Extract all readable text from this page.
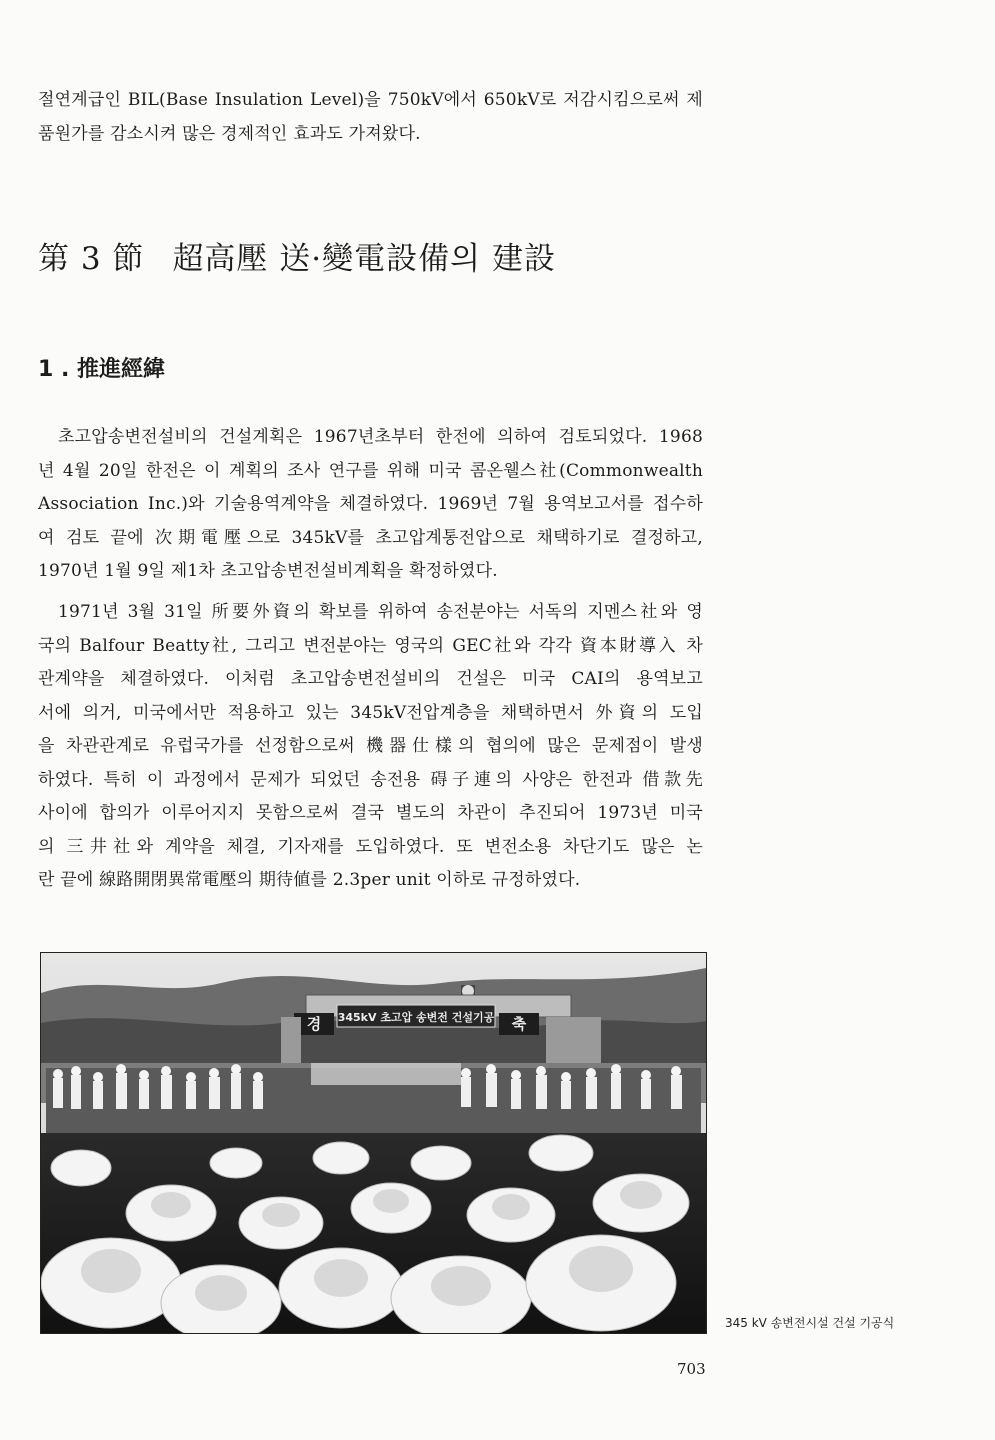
절연계급인 BIL(Base Insulation Level)을 750kV에서 650kV로 저감시킴으로써 제
품원가를 감소시켜 많은 경제적인 효과도 가져왔다.
第 3 節 超高壓 送·變電設備의 建設
1 . 推進經緯
초고압송변전설비의 건설계획은 1967년초부터 한전에 의하여 검토되었다. 1968
년 4월 20일 한전은 이 계획의 조사 연구를 위해 미국 콤온웰스社(Commonwealth
Association Inc.)와 기술용역계약을 체결하였다. 1969년 7월 용역보고서를 접수하
여 검토 끝에 次期電壓으로 345kV를 초고압계통전압으로 채택하기로 결정하고,
1970년 1월 9일 제1차 초고압송변전설비계획을 확정하였다.
1971년 3월 31일 所要外資의 확보를 위하여 송전분야는 서독의 지멘스社와 영
국의 Balfour Beatty社, 그리고 변전분야는 영국의 GEC社와 각각 資本財導入 차
관계약을 체결하였다. 이처럼 초고압송변전설비의 건설은 미국 CAI의 용역보고
서에 의거, 미국에서만 적용하고 있는 345kV전압계층을 채택하면서 外資의 도입
을 차관관계로 유럽국가를 선정함으로써 機器仕樣의 협의에 많은 문제점이 발생
하였다. 특히 이 과정에서 문제가 되었던 송전용 碍子連의 사양은 한전과 借款先
사이에 합의가 이루어지지 못함으로써 결국 별도의 차관이 추진되어 1973년 미국
의 三井社와 계약을 체결, 기자재를 도입하였다. 또 변전소용 차단기도 많은 논
란 끝에 線路開閉異常電壓의 期待値를 2.3per unit 이하로 규정하였다.
경 345kV 초고압 송변전 건설기공 축
345 kV 송변전시설 건설 기공식
703
